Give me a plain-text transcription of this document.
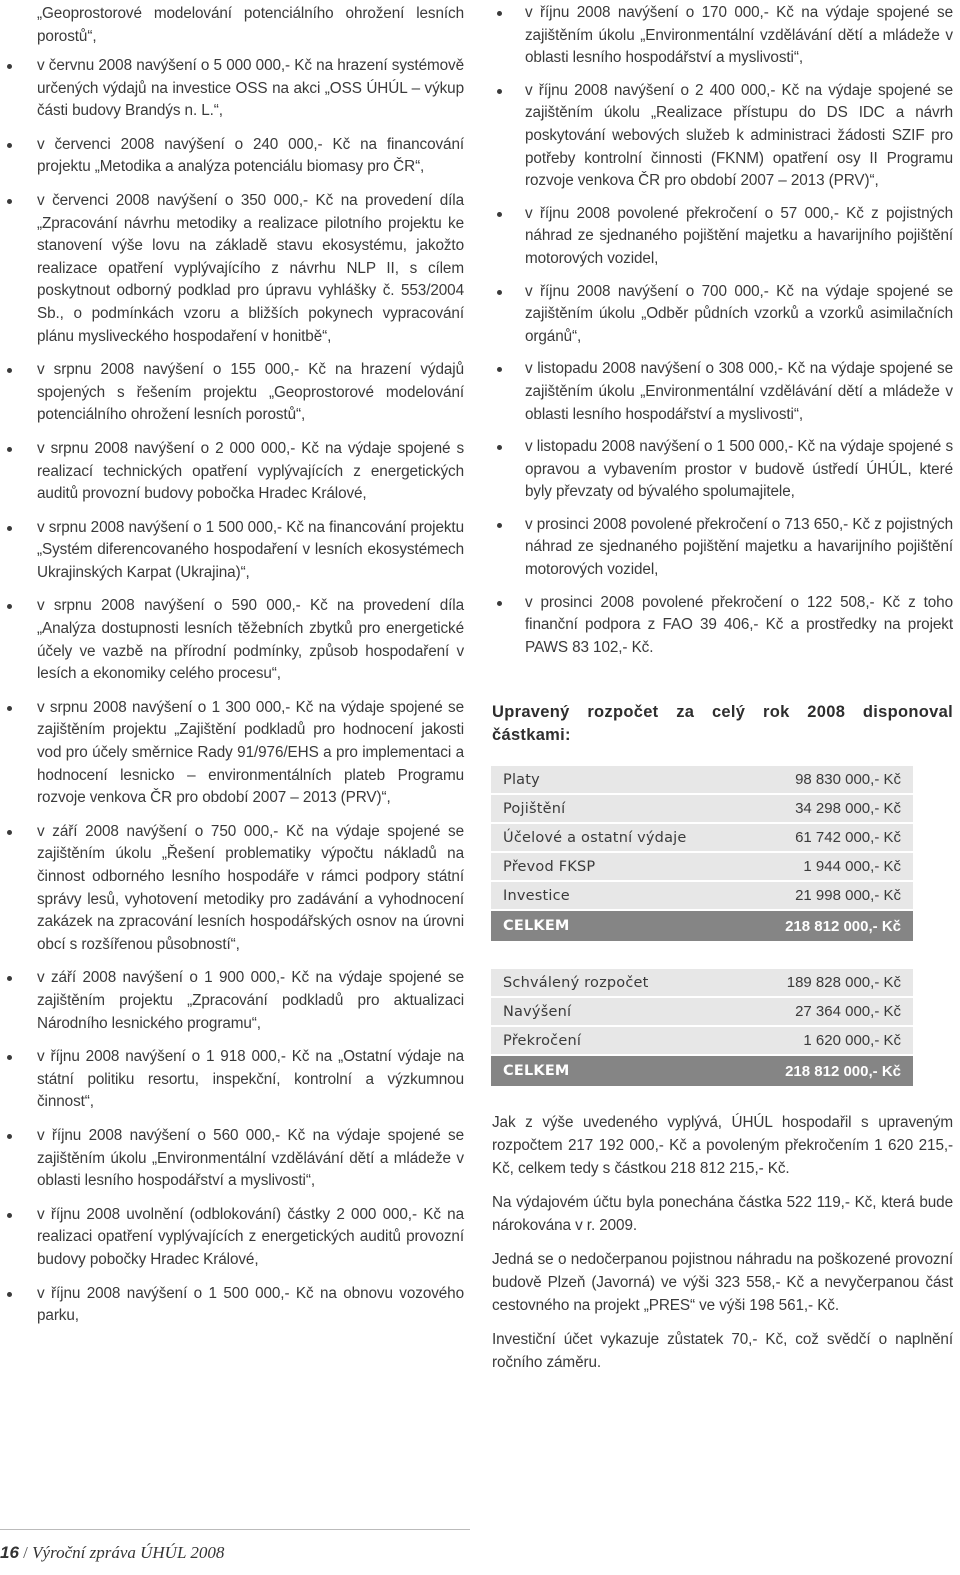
„Geoprostorové modelování potenciálního ohrožení lesních porostů“,
v červnu 2008 navýšení o 5 000 000,- Kč na hrazení systémově určených výdajů na investice OSS na akci „OSS ÚHÚL – výkup části budovy Brandýs n. L.“,
v červenci 2008 navýšení o 240 000,- Kč na financování projektu „Metodika a analýza potenciálu biomasy pro ČR“,
v červenci 2008 navýšení o 350 000,- Kč na provedení díla „Zpracování návrhu metodiky a realizace pilotního projektu ke stanovení výše lovu na základě stavu ekosystému, jakožto realizace opatření vyplývajícího z návrhu NLP II, s cílem poskytnout odborný podklad pro úpravu vyhlášky č. 553/2004 Sb., o podmínkách vzoru a bližších pokynech vypracování plánu mysliveckého hospodaření v honitbě“,
v srpnu 2008 navýšení o 155 000,- Kč na hrazení výdajů spojených s řešením projektu „Geoprostorové modelování potenciálního ohrožení lesních porostů“,
v srpnu 2008 navýšení o 2 000 000,- Kč na výdaje spojené s realizací technických opatření vyplývajících z energetických auditů provozní budovy pobočka Hradec Králové,
v srpnu 2008 navýšení o 1 500 000,- Kč na financování projektu „Systém diferencovaného hospodaření v lesních ekosystémech Ukrajinských Karpat (Ukrajina)“,
v srpnu 2008 navýšení o 590 000,- Kč na provedení díla „Analýza dostupnosti lesních těžebních zbytků pro energetické účely ve vazbě na přírodní podmínky, způsob hospodaření v lesích a ekonomiky celého procesu“,
v srpnu 2008 navýšení o 1 300 000,- Kč na výdaje spojené se zajištěním projektu „Zajištění podkladů pro hodnocení jakosti vod pro účely směrnice Rady 91/976/EHS a pro implementaci a hodnocení lesnicko – environmentálních plateb Programu rozvoje venkova ČR pro období 2007 – 2013 (PRV)“,
v září 2008 navýšení o 750 000,- Kč na výdaje spojené se zajištěním úkolu „Řešení problematiky výpočtu nákladů na činnost odborného lesního hospodáře v rámci podpory státní správy lesů, vyhotovení metodiky pro zadávání a vyhodnocení zakázek na zpracování lesních hospodářských osnov na úrovni obcí s rozšířenou působností“,
v září 2008 navýšení o 1 900 000,- Kč na výdaje spojené se zajištěním projektu „Zpracování podkladů pro aktualizaci Národního lesnického programu“,
v říjnu 2008 navýšení o 1 918 000,- Kč na „Ostatní výdaje na státní politiku resortu, inspekční, kontrolní a výzkumnou činnost“,
v říjnu 2008 navýšení o 560 000,- Kč na výdaje spojené se zajištěním úkolu „Environmentální vzdělávání dětí a mládeže v oblasti lesního hospodářství a myslivosti“,
v říjnu 2008 uvolnění (odblokování) částky 2 000 000,- Kč na realizaci opatření vyplývajících z energetických auditů provozní budovy pobočky Hradec Králové,
v říjnu 2008 navýšení o 1 500 000,- Kč na obnovu vozového parku,
v říjnu 2008 navýšení o 170 000,- Kč na výdaje spojené se zajištěním úkolu „Environmentální vzdělávání dětí a mládeže v oblasti lesního hospodářství a myslivosti“,
v říjnu 2008 navýšení o 2 400 000,- Kč na výdaje spojené se zajištěním úkolu „Realizace přístupu do DS IDC a návrh poskytování webových služeb k administraci žádosti SZIF pro potřeby kontrolní činnosti (FKNM) opatření osy II Programu rozvoje venkova ČR pro období 2007 – 2013 (PRV)“,
v říjnu 2008 povolené překročení o 57 000,- Kč z pojistných náhrad ze sjednaného pojištění majetku a havarijního pojištění motorových vozidel,
v říjnu 2008 navýšení o 700 000,- Kč na výdaje spojené se zajištěním úkolu „Odběr půdních vzorků a vzorků asimilačních orgánů“,
v listopadu 2008 navýšení o 308 000,- Kč na výdaje spojené se zajištěním úkolu „Environmentální vzdělávání dětí a mládeže v oblasti lesního hospodářství a myslivosti“,
v listopadu 2008 navýšení o 1 500 000,- Kč na výdaje spojené s opravou a vybavením prostor v budově ústředí ÚHÚL, které byly převzaty od bývalého spolumajitele,
v prosinci 2008 povolené překročení o 713 650,- Kč z pojistných náhrad ze sjednaného pojištění majetku a havarijního pojištění motorových vozidel,
v prosinci 2008 povolené překročení o 122 508,- Kč z toho finanční podpora z FAO 39 406,- Kč a prostředky na projekt PAWS 83 102,- Kč.
Upravený rozpočet za celý rok 2008 disponoval částkami:
Platy	98 830 000,- Kč
Pojištění	34 298 000,- Kč
Účelové a ostatní výdaje	61 742 000,- Kč
Převod FKSP	1 944 000,- Kč
Investice	21 998 000,- Kč
CELKEM	218 812 000,- Kč
Schválený rozpočet	189 828 000,- Kč
Navýšení	27 364 000,- Kč
Překročení	1 620 000,- Kč
CELKEM	218 812 000,- Kč

Jak z výše uvedeného vyplývá, ÚHÚL hospodařil s upraveným rozpočtem 217 192 000,- Kč a povoleným překročením 1 620 215,- Kč, celkem tedy s částkou 218 812 215,- Kč.

Na výdajovém účtu byla ponechána částka 522 119,- Kč, která bude nárokována v r. 2009.

Jedná se o nedočerpanou pojistnou náhradu na poškozené provozní budově Plzeň (Javorná) ve výši 323 558,- Kč a nevyčerpanou část cestovného na projekt „PRES“ ve výši 198 561,- Kč.

Investiční účet vykazuje zůstatek 70,- Kč, což svědčí o naplnění ročního záměru.

16 / Výroční zpráva ÚHÚL 2008
